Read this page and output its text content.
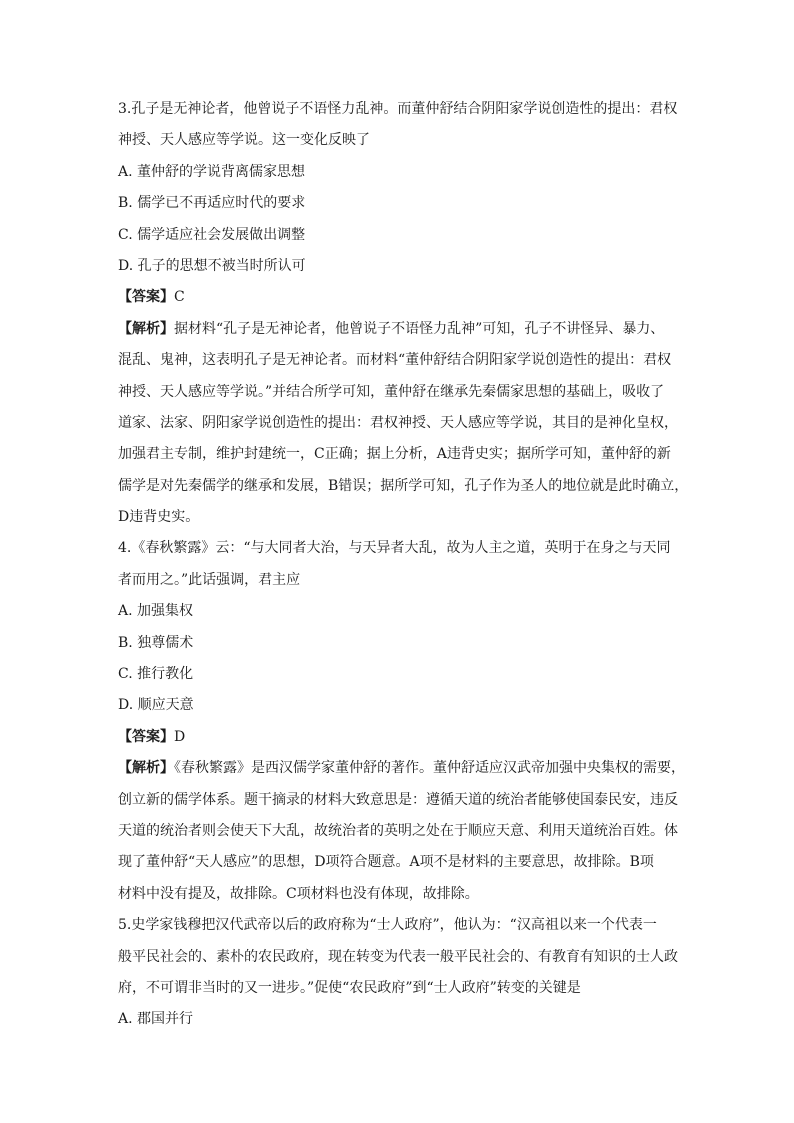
3.孔子是无神论者，他曾说子不语怪力乱神。而董仲舒结合阴阳家学说创造性的提出：君权
神授、天人感应等学说。这一变化反映了
A. 董仲舒的学说背离儒家思想
B. 儒学已不再适应时代的要求
C. 儒学适应社会发展做出调整
D. 孔子的思想不被当时所认可
【答案】C
【解析】据材料“孔子是无神论者，他曾说子不语怪力乱神”可知，孔子不讲怪异、暴力、
混乱、鬼神，这表明孔子是无神论者。而材料“董仲舒结合阴阳家学说创造性的提出：君权
神授、天人感应等学说。”并结合所学可知，董仲舒在继承先秦儒家思想的基础上，吸收了
道家、法家、阴阳家学说创造性的提出：君权神授、天人感应等学说，其目的是神化皇权，
加强君主专制，维护封建统一，C正确；据上分析，A违背史实；据所学可知，董仲舒的新
儒学是对先秦儒学的继承和发展，B错误；据所学可知，孔子作为圣人的地位就是此时确立，
D违背史实。
4.《春秋繁露》云：“与大同者大治，与天异者大乱，故为人主之道，英明于在身之与天同
者而用之。”此话强调，君主应
A. 加强集权
B. 独尊儒术
C. 推行教化
D. 顺应天意
【答案】D
【解析】《春秋繁露》是西汉儒学家董仲舒的著作。董仲舒适应汉武帝加强中央集权的需要，
创立新的儒学体系。题干摘录的材料大致意思是：遵循天道的统治者能够使国泰民安，违反
天道的统治者则会使天下大乱，故统治者的英明之处在于顺应天意、利用天道统治百姓。体
现了董仲舒“天人感应”的思想，D项符合题意。A项不是材料的主要意思，故排除。B项
材料中没有提及，故排除。C项材料也没有体现，故排除。
5.史学家钱穆把汉代武帝以后的政府称为“士人政府”，他认为：“汉高祖以来一个代表一
般平民社会的、素朴的农民政府，现在转变为代表一般平民社会的、有教育有知识的士人政
府，不可谓非当时的又一进步。”促使“农民政府”到“士人政府”转变的关键是
A. 郡国并行
